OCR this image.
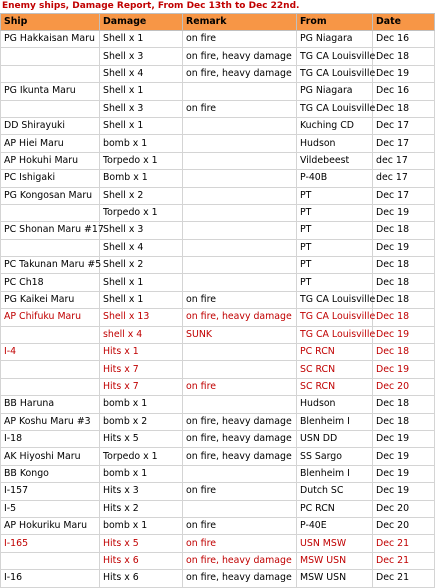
Enemy ships, Damage Report, From Dec 13th to Dec 22nd.
Ship	Damage	Remark	From	Date
PG Hakkaisan Maru	Shell x 1	on fire	PG Niagara	Dec 16
	Shell x 3	on fire, heavy damage	TG CA Louisville	Dec 18
	Shell x 4	on fire, heavy damage	TG CA Louisville	Dec 19
PG Ikunta Maru	Shell x 1		PG Niagara	Dec 16
	Shell x 3	on fire	TG CA Louisville	Dec 18
DD Shirayuki	Shell x 1		Kuching CD	Dec 17
AP Hiei Maru	bomb x 1		Hudson	Dec 17
AP Hokuhi Maru	Torpedo x 1		Vildebeest	dec 17
PC Ishigaki	Bomb x 1		P-40B	dec 17
PG Kongosan Maru	Shell x 2		PT	Dec 17
	Torpedo x 1		PT	Dec 19
PC Shonan Maru #17	Shell x 3		PT	Dec 18
	Shell x 4		PT	Dec 19
PC Takunan Maru #5	Shell x 2		PT	Dec 18
PC Ch18	Shell x 1		PT	Dec 18
PG Kaikei Maru	Shell x 1	on fire	TG CA Louisville	Dec 18
AP Chifuku Maru	Shell x 13	on fire, heavy damage	TG CA Louisville	Dec 18
	shell x 4	SUNK	TG CA Louisville	Dec 19
I-4	Hits x 1		PC RCN	Dec 18
	Hits x 7		SC RCN	Dec 19
	Hits x 7	on fire	SC RCN	Dec 20
BB Haruna	bomb x 1		Hudson	Dec 18
AP Koshu Maru #3	bomb x 2	on fire, heavy damage	Blenheim I	Dec 18
I-18	Hits x 5	on fire, heavy damage	USN DD	Dec 19
AK Hiyoshi Maru	Torpedo x 1	on fire, heavy damage	SS Sargo	Dec 19
BB Kongo	bomb x 1		Blenheim I	Dec 19
I-157	Hits x 3	on fire	Dutch SC	Dec 19
I-5	Hits x 2		PC RCN	Dec 20
AP Hokuriku Maru	bomb x 1	on fire	P-40E	Dec 20
I-165	Hits x 5	on fire	USN MSW	Dec 21
	Hits x 6	on fire, heavy damage	MSW USN	Dec 21
I-16	Hits x 6	on fire, heavy damage	MSW USN	Dec 21
